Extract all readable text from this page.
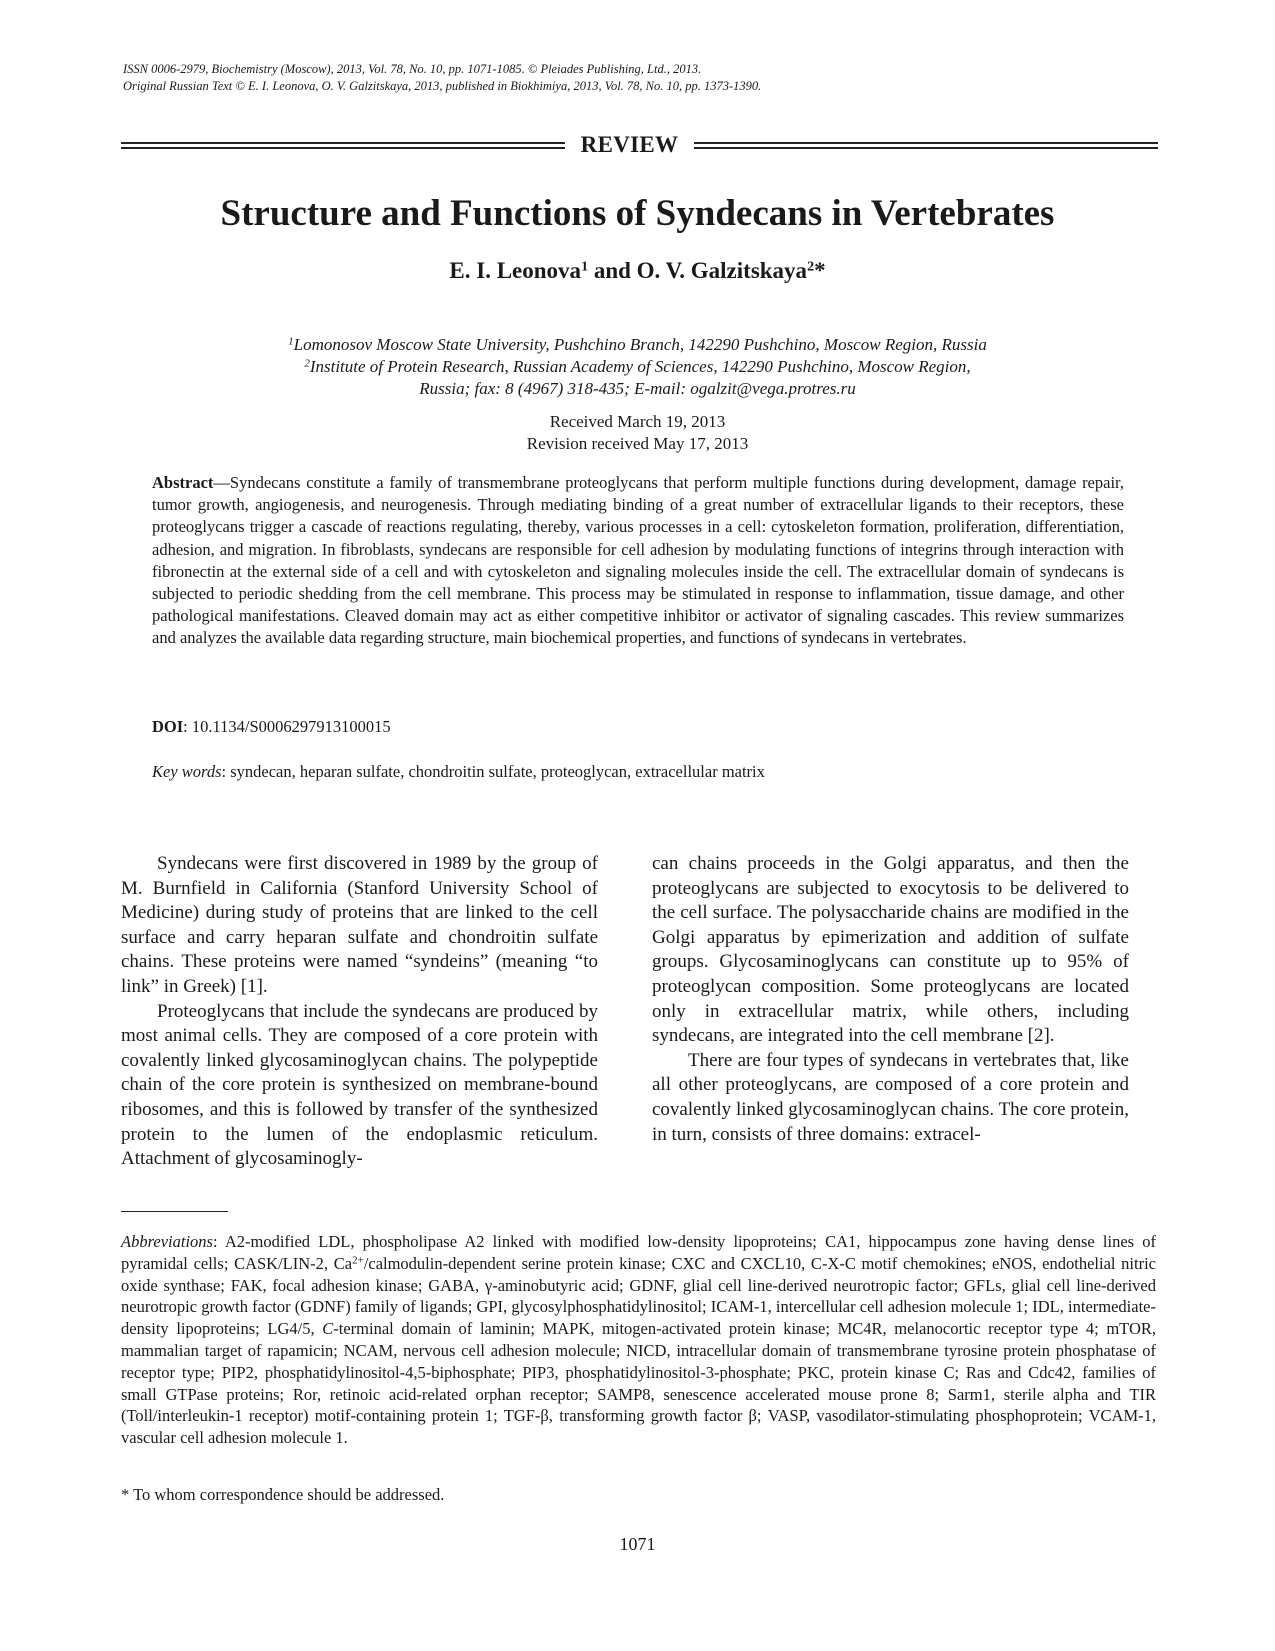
ISSN 0006-2979, Biochemistry (Moscow), 2013, Vol. 78, No. 10, pp. 1071-1085. © Pleiades Publishing, Ltd., 2013.
Original Russian Text © E. I. Leonova, O. V. Galzitskaya, 2013, published in Biokhimiya, 2013, Vol. 78, No. 10, pp. 1373-1390.
REVIEW
Structure and Functions of Syndecans in Vertebrates
E. I. Leonova$^1$ and O. V. Galzitskaya$^2$*
$^1$Lomonosov Moscow State University, Pushchino Branch, 142290 Pushchino, Moscow Region, Russia
$^2$Institute of Protein Research, Russian Academy of Sciences, 142290 Pushchino, Moscow Region,
Russia; fax: 8 (4967) 318-435; E-mail: ogalzit@vega.protres.ru
Received March 19, 2013
Revision received May 17, 2013
Abstract—Syndecans constitute a family of transmembrane proteoglycans that perform multiple functions during development, damage repair, tumor growth, angiogenesis, and neurogenesis. Through mediating binding of a great number of extracellular ligands to their receptors, these proteoglycans trigger a cascade of reactions regulating, thereby, various processes in a cell: cytoskeleton formation, proliferation, differentiation, adhesion, and migration. In fibroblasts, syndecans are responsible for cell adhesion by modulating functions of integrins through interaction with fibronectin at the external side of a cell and with cytoskeleton and signaling molecules inside the cell. The extracellular domain of syndecans is subjected to periodic shedding from the cell membrane. This process may be stimulated in response to inflammation, tissue damage, and other pathological manifestations. Cleaved domain may act as either competitive inhibitor or activator of signaling cascades. This review summarizes and analyzes the available data regarding structure, main biochemical properties, and functions of syndecans in vertebrates.
DOI: 10.1134/S0006297913100015
Key words: syndecan, heparan sulfate, chondroitin sulfate, proteoglycan, extracellular matrix

Syndecans were first discovered in 1989 by the group of M. Burnfield in California (Stanford University School of Medicine) during study of proteins that are linked to the cell surface and carry heparan sulfate and chondroitin sulfate chains. These proteins were named “syndeins” (meaning “to link” in Greek) [1].

Proteoglycans that include the syndecans are produced by most animal cells. They are composed of a core protein with covalently linked glycosaminoglycan chains. The polypeptide chain of the core protein is synthesized on membrane-bound ribosomes, and this is followed by transfer of the synthesized protein to the lumen of the endoplasmic reticulum. Attachment of glycosaminogly-

can chains proceeds in the Golgi apparatus, and then the proteoglycans are subjected to exocytosis to be delivered to the cell surface. The polysaccharide chains are modified in the Golgi apparatus by epimerization and addition of sulfate groups. Glycosaminoglycans can constitute up to 95% of proteoglycan composition. Some proteoglycans are located only in extracellular matrix, while others, including syndecans, are integrated into the cell membrane [2].

There are four types of syndecans in vertebrates that, like all other proteoglycans, are composed of a core protein and covalently linked glycosaminoglycan chains. The core protein, in turn, consists of three domains: extracel-

Abbreviations: A2-modified LDL, phospholipase A2 linked with modified low-density lipoproteins; CA1, hippocampus zone having dense lines of pyramidal cells; CASK/LIN-2, $Ca^{2+}/calmodulin$-dependent serine protein kinase; CXC and CXCL10, C-X-C motif chemokines; eNOS, endothelial nitric oxide synthase; FAK, focal adhesion kinase; GABA, γ-aminobutyric acid; GDNF, glial cell line-derived neurotropic factor; GFLs, glial cell line-derived neurotropic growth factor (GDNF) family of ligands; GPI, glycosylphosphatidylinositol; ICAM-1, intercellular cell adhesion molecule 1; IDL, intermediate-density lipoproteins; LG4/5, C-terminal domain of laminin; MAPK, mitogen-activated protein kinase; MC4R, melanocortic receptor type 4; mTOR, mammalian target of rapamicin; NCAM, nervous cell adhesion molecule; NICD, intracellular domain of transmembrane tyrosine protein phosphatase of receptor type; PIP2, phosphatidylinositol-4,5-biphosphate; PIP3, phosphatidylinositol-3-phosphate; PKC, protein kinase C; Ras and Cdc42, families of small GTPase proteins; Ror, retinoic acid-related orphan receptor; SAMP8, senescence accelerated mouse prone 8; Sarm1, sterile alpha and TIR (Toll/interleukin-1 receptor) motif-containing protein 1; TGF-β, transforming growth factor β; VASP, vasodilator-stimulating phosphoprotein; VCAM-1, vascular cell adhesion molecule 1.
* To whom correspondence should be addressed.
1071
